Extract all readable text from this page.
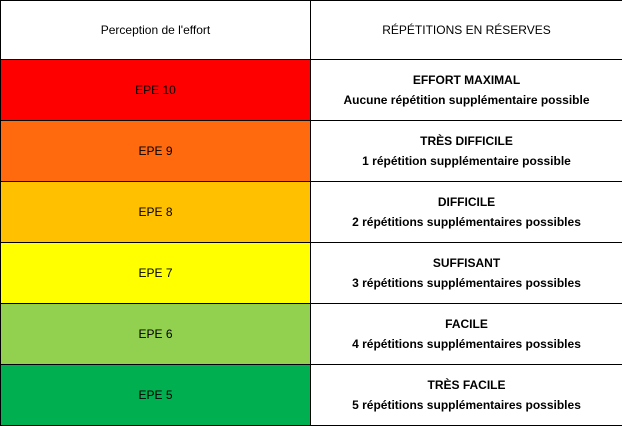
Perception de l'effort	RÉPÉTITIONS EN RÉSERVES
EPE 10	EFFORT MAXIMAL
Aucune répétition supplémentaire possible

EPE 9	TRÈS DIFFICILE
1 répétition supplémentaire possible

EPE 8	DIFFICILE
2 répétitions supplémentaires possibles

EPE 7	SUFFISANT
3 répétitions supplémentaires possibles

EPE 6	FACILE
4 répétitions supplémentaires possibles

EPE 5	TRÈS FACILE
5 répétitions supplémentaires possibles
